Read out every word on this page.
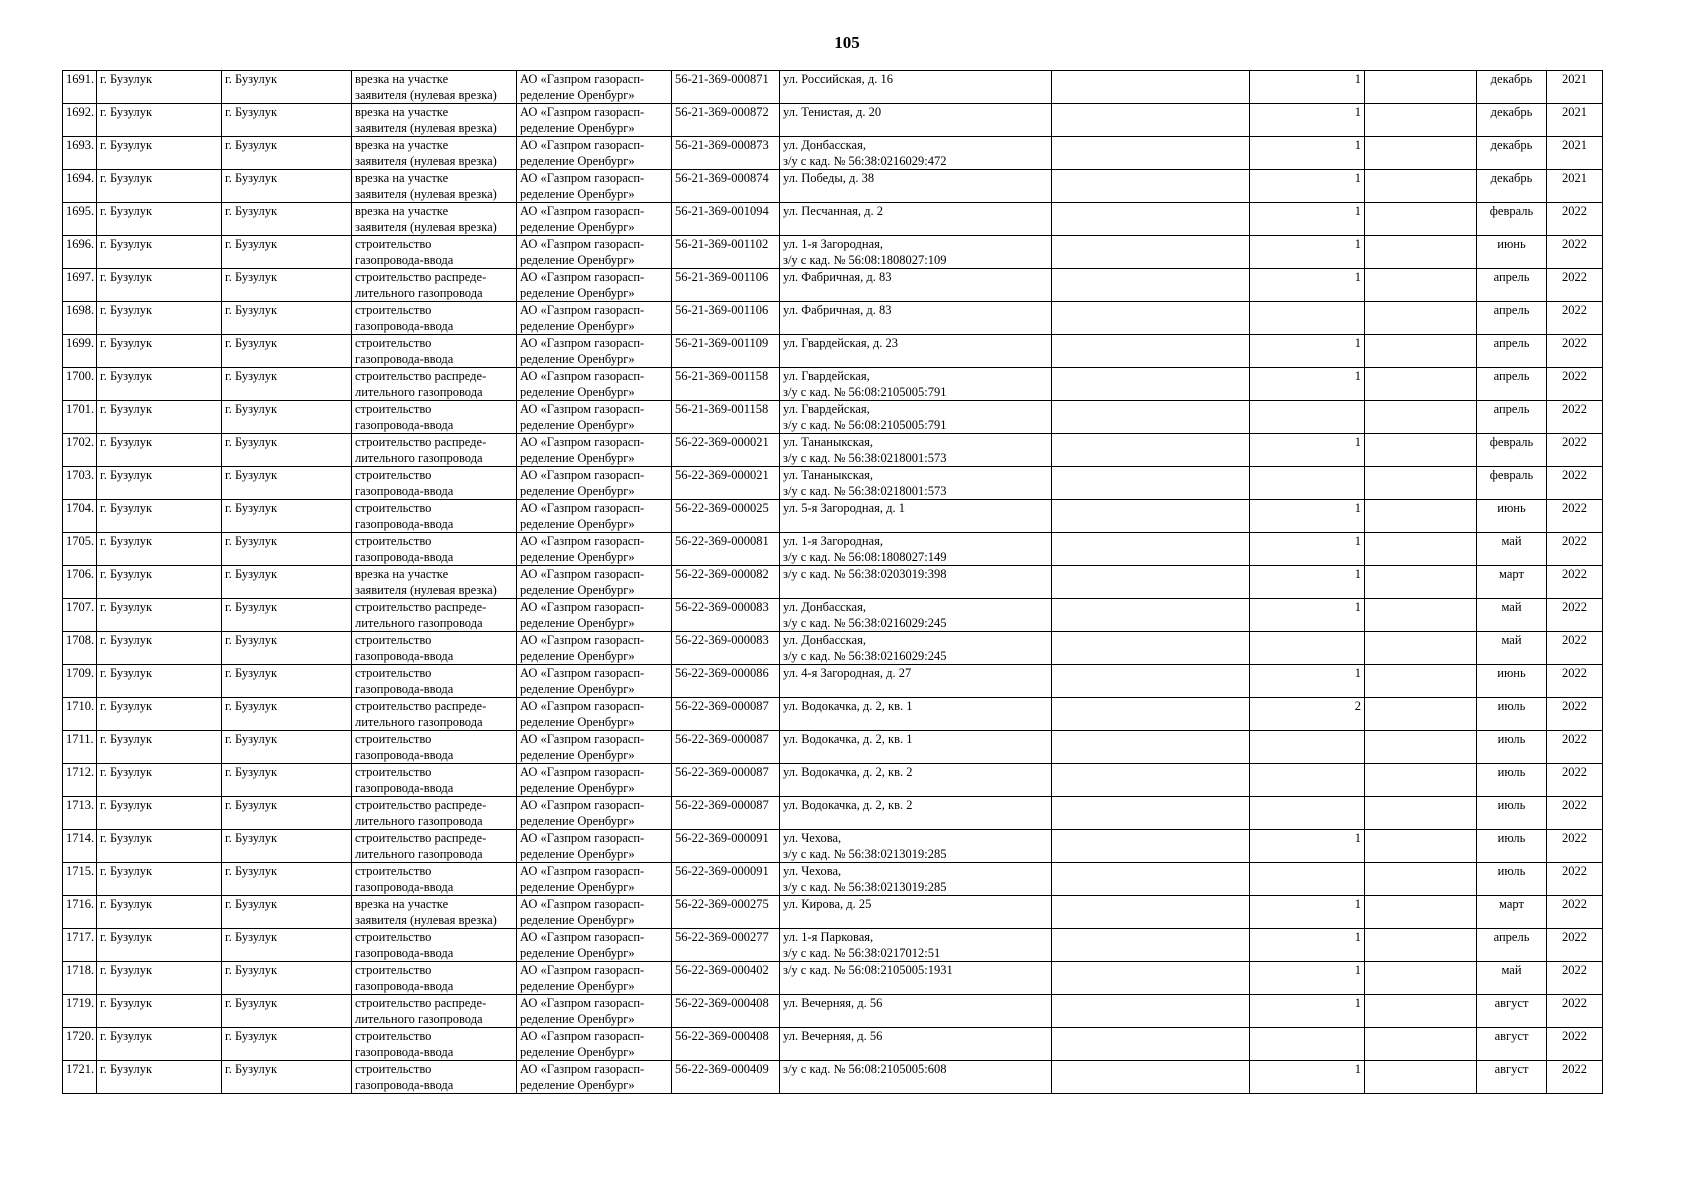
105
1691.	г. Бузулук	г. Бузулук	врезка на участке
заявителя (нулевая врезка)	АО «Газпром газорасп-
ределение Оренбург»	56-21-369-000871	ул. Российская, д. 16		1		декабрь	2021
1692.	г. Бузулук	г. Бузулук	врезка на участке
заявителя (нулевая врезка)	АО «Газпром газорасп-
ределение Оренбург»	56-21-369-000872	ул. Тенистая, д. 20		1		декабрь	2021
1693.	г. Бузулук	г. Бузулук	врезка на участке
заявителя (нулевая врезка)	АО «Газпром газорасп-
ределение Оренбург»	56-21-369-000873	ул. Донбасская,
з/у с кад. № 56:38:0216029:472		1		декабрь	2021
1694.	г. Бузулук	г. Бузулук	врезка на участке
заявителя (нулевая врезка)	АО «Газпром газорасп-
ределение Оренбург»	56-21-369-000874	ул. Победы, д. 38		1		декабрь	2021
1695.	г. Бузулук	г. Бузулук	врезка на участке
заявителя (нулевая врезка)	АО «Газпром газорасп-
ределение Оренбург»	56-21-369-001094	ул. Песчанная, д. 2		1		февраль	2022
1696.	г. Бузулук	г. Бузулук	строительство
газопровода-ввода	АО «Газпром газорасп-
ределение Оренбург»	56-21-369-001102	ул. 1-я Загородная,
з/у с кад. № 56:08:1808027:109		1		июнь	2022
1697.	г. Бузулук	г. Бузулук	строительство распреде-
лительного газопровода	АО «Газпром газорасп-
ределение Оренбург»	56-21-369-001106	ул. Фабричная, д. 83		1		апрель	2022
1698.	г. Бузулук	г. Бузулук	строительство
газопровода-ввода	АО «Газпром газорасп-
ределение Оренбург»	56-21-369-001106	ул. Фабричная, д. 83				апрель	2022
1699.	г. Бузулук	г. Бузулук	строительство
газопровода-ввода	АО «Газпром газорасп-
ределение Оренбург»	56-21-369-001109	ул. Гвардейская, д. 23		1		апрель	2022
1700.	г. Бузулук	г. Бузулук	строительство распреде-
лительного газопровода	АО «Газпром газорасп-
ределение Оренбург»	56-21-369-001158	ул. Гвардейская,
з/у с кад. № 56:08:2105005:791		1		апрель	2022
1701.	г. Бузулук	г. Бузулук	строительство
газопровода-ввода	АО «Газпром газорасп-
ределение Оренбург»	56-21-369-001158	ул. Гвардейская,
з/у с кад. № 56:08:2105005:791				апрель	2022
1702.	г. Бузулук	г. Бузулук	строительство распреде-
лительного газопровода	АО «Газпром газорасп-
ределение Оренбург»	56-22-369-000021	ул. Тананыкская,
з/у с кад. № 56:38:0218001:573		1		февраль	2022
1703.	г. Бузулук	г. Бузулук	строительство
газопровода-ввода	АО «Газпром газорасп-
ределение Оренбург»	56-22-369-000021	ул. Тананыкская,
з/у с кад. № 56:38:0218001:573				февраль	2022
1704.	г. Бузулук	г. Бузулук	строительство
газопровода-ввода	АО «Газпром газорасп-
ределение Оренбург»	56-22-369-000025	ул. 5-я Загородная, д. 1		1		июнь	2022
1705.	г. Бузулук	г. Бузулук	строительство
газопровода-ввода	АО «Газпром газорасп-
ределение Оренбург»	56-22-369-000081	ул. 1-я Загородная,
з/у с кад. № 56:08:1808027:149		1		май	2022
1706.	г. Бузулук	г. Бузулук	врезка на участке
заявителя (нулевая врезка)	АО «Газпром газорасп-
ределение Оренбург»	56-22-369-000082	з/у с кад. № 56:38:0203019:398		1		март	2022
1707.	г. Бузулук	г. Бузулук	строительство распреде-
лительного газопровода	АО «Газпром газорасп-
ределение Оренбург»	56-22-369-000083	ул. Донбасская,
з/у с кад. № 56:38:0216029:245		1		май	2022
1708.	г. Бузулук	г. Бузулук	строительство
газопровода-ввода	АО «Газпром газорасп-
ределение Оренбург»	56-22-369-000083	ул. Донбасская,
з/у с кад. № 56:38:0216029:245				май	2022
1709.	г. Бузулук	г. Бузулук	строительство
газопровода-ввода	АО «Газпром газорасп-
ределение Оренбург»	56-22-369-000086	ул. 4-я Загородная, д. 27		1		июнь	2022
1710.	г. Бузулук	г. Бузулук	строительство распреде-
лительного газопровода	АО «Газпром газорасп-
ределение Оренбург»	56-22-369-000087	ул. Водокачка, д. 2, кв. 1		2		июль	2022
1711.	г. Бузулук	г. Бузулук	строительство
газопровода-ввода	АО «Газпром газорасп-
ределение Оренбург»	56-22-369-000087	ул. Водокачка, д. 2, кв. 1				июль	2022
1712.	г. Бузулук	г. Бузулук	строительство
газопровода-ввода	АО «Газпром газорасп-
ределение Оренбург»	56-22-369-000087	ул. Водокачка, д. 2, кв. 2				июль	2022
1713.	г. Бузулук	г. Бузулук	строительство распреде-
лительного газопровода	АО «Газпром газорасп-
ределение Оренбург»	56-22-369-000087	ул. Водокачка, д. 2, кв. 2				июль	2022
1714.	г. Бузулук	г. Бузулук	строительство распреде-
лительного газопровода	АО «Газпром газорасп-
ределение Оренбург»	56-22-369-000091	ул. Чехова,
з/у с кад. № 56:38:0213019:285		1		июль	2022
1715.	г. Бузулук	г. Бузулук	строительство
газопровода-ввода	АО «Газпром газорасп-
ределение Оренбург»	56-22-369-000091	ул. Чехова,
з/у с кад. № 56:38:0213019:285				июль	2022
1716.	г. Бузулук	г. Бузулук	врезка на участке
заявителя (нулевая врезка)	АО «Газпром газорасп-
ределение Оренбург»	56-22-369-000275	ул. Кирова, д. 25		1		март	2022
1717.	г. Бузулук	г. Бузулук	строительство
газопровода-ввода	АО «Газпром газорасп-
ределение Оренбург»	56-22-369-000277	ул. 1-я Парковая,
з/у с кад. № 56:38:0217012:51		1		апрель	2022
1718.	г. Бузулук	г. Бузулук	строительство
газопровода-ввода	АО «Газпром газорасп-
ределение Оренбург»	56-22-369-000402	з/у с кад. № 56:08:2105005:1931		1		май	2022
1719.	г. Бузулук	г. Бузулук	строительство распреде-
лительного газопровода	АО «Газпром газорасп-
ределение Оренбург»	56-22-369-000408	ул. Вечерняя, д. 56		1		август	2022
1720.	г. Бузулук	г. Бузулук	строительство
газопровода-ввода	АО «Газпром газорасп-
ределение Оренбург»	56-22-369-000408	ул. Вечерняя, д. 56				август	2022
1721.	г. Бузулук	г. Бузулук	строительство
газопровода-ввода	АО «Газпром газорасп-
ределение Оренбург»	56-22-369-000409	з/у с кад. № 56:08:2105005:608		1		август	2022
